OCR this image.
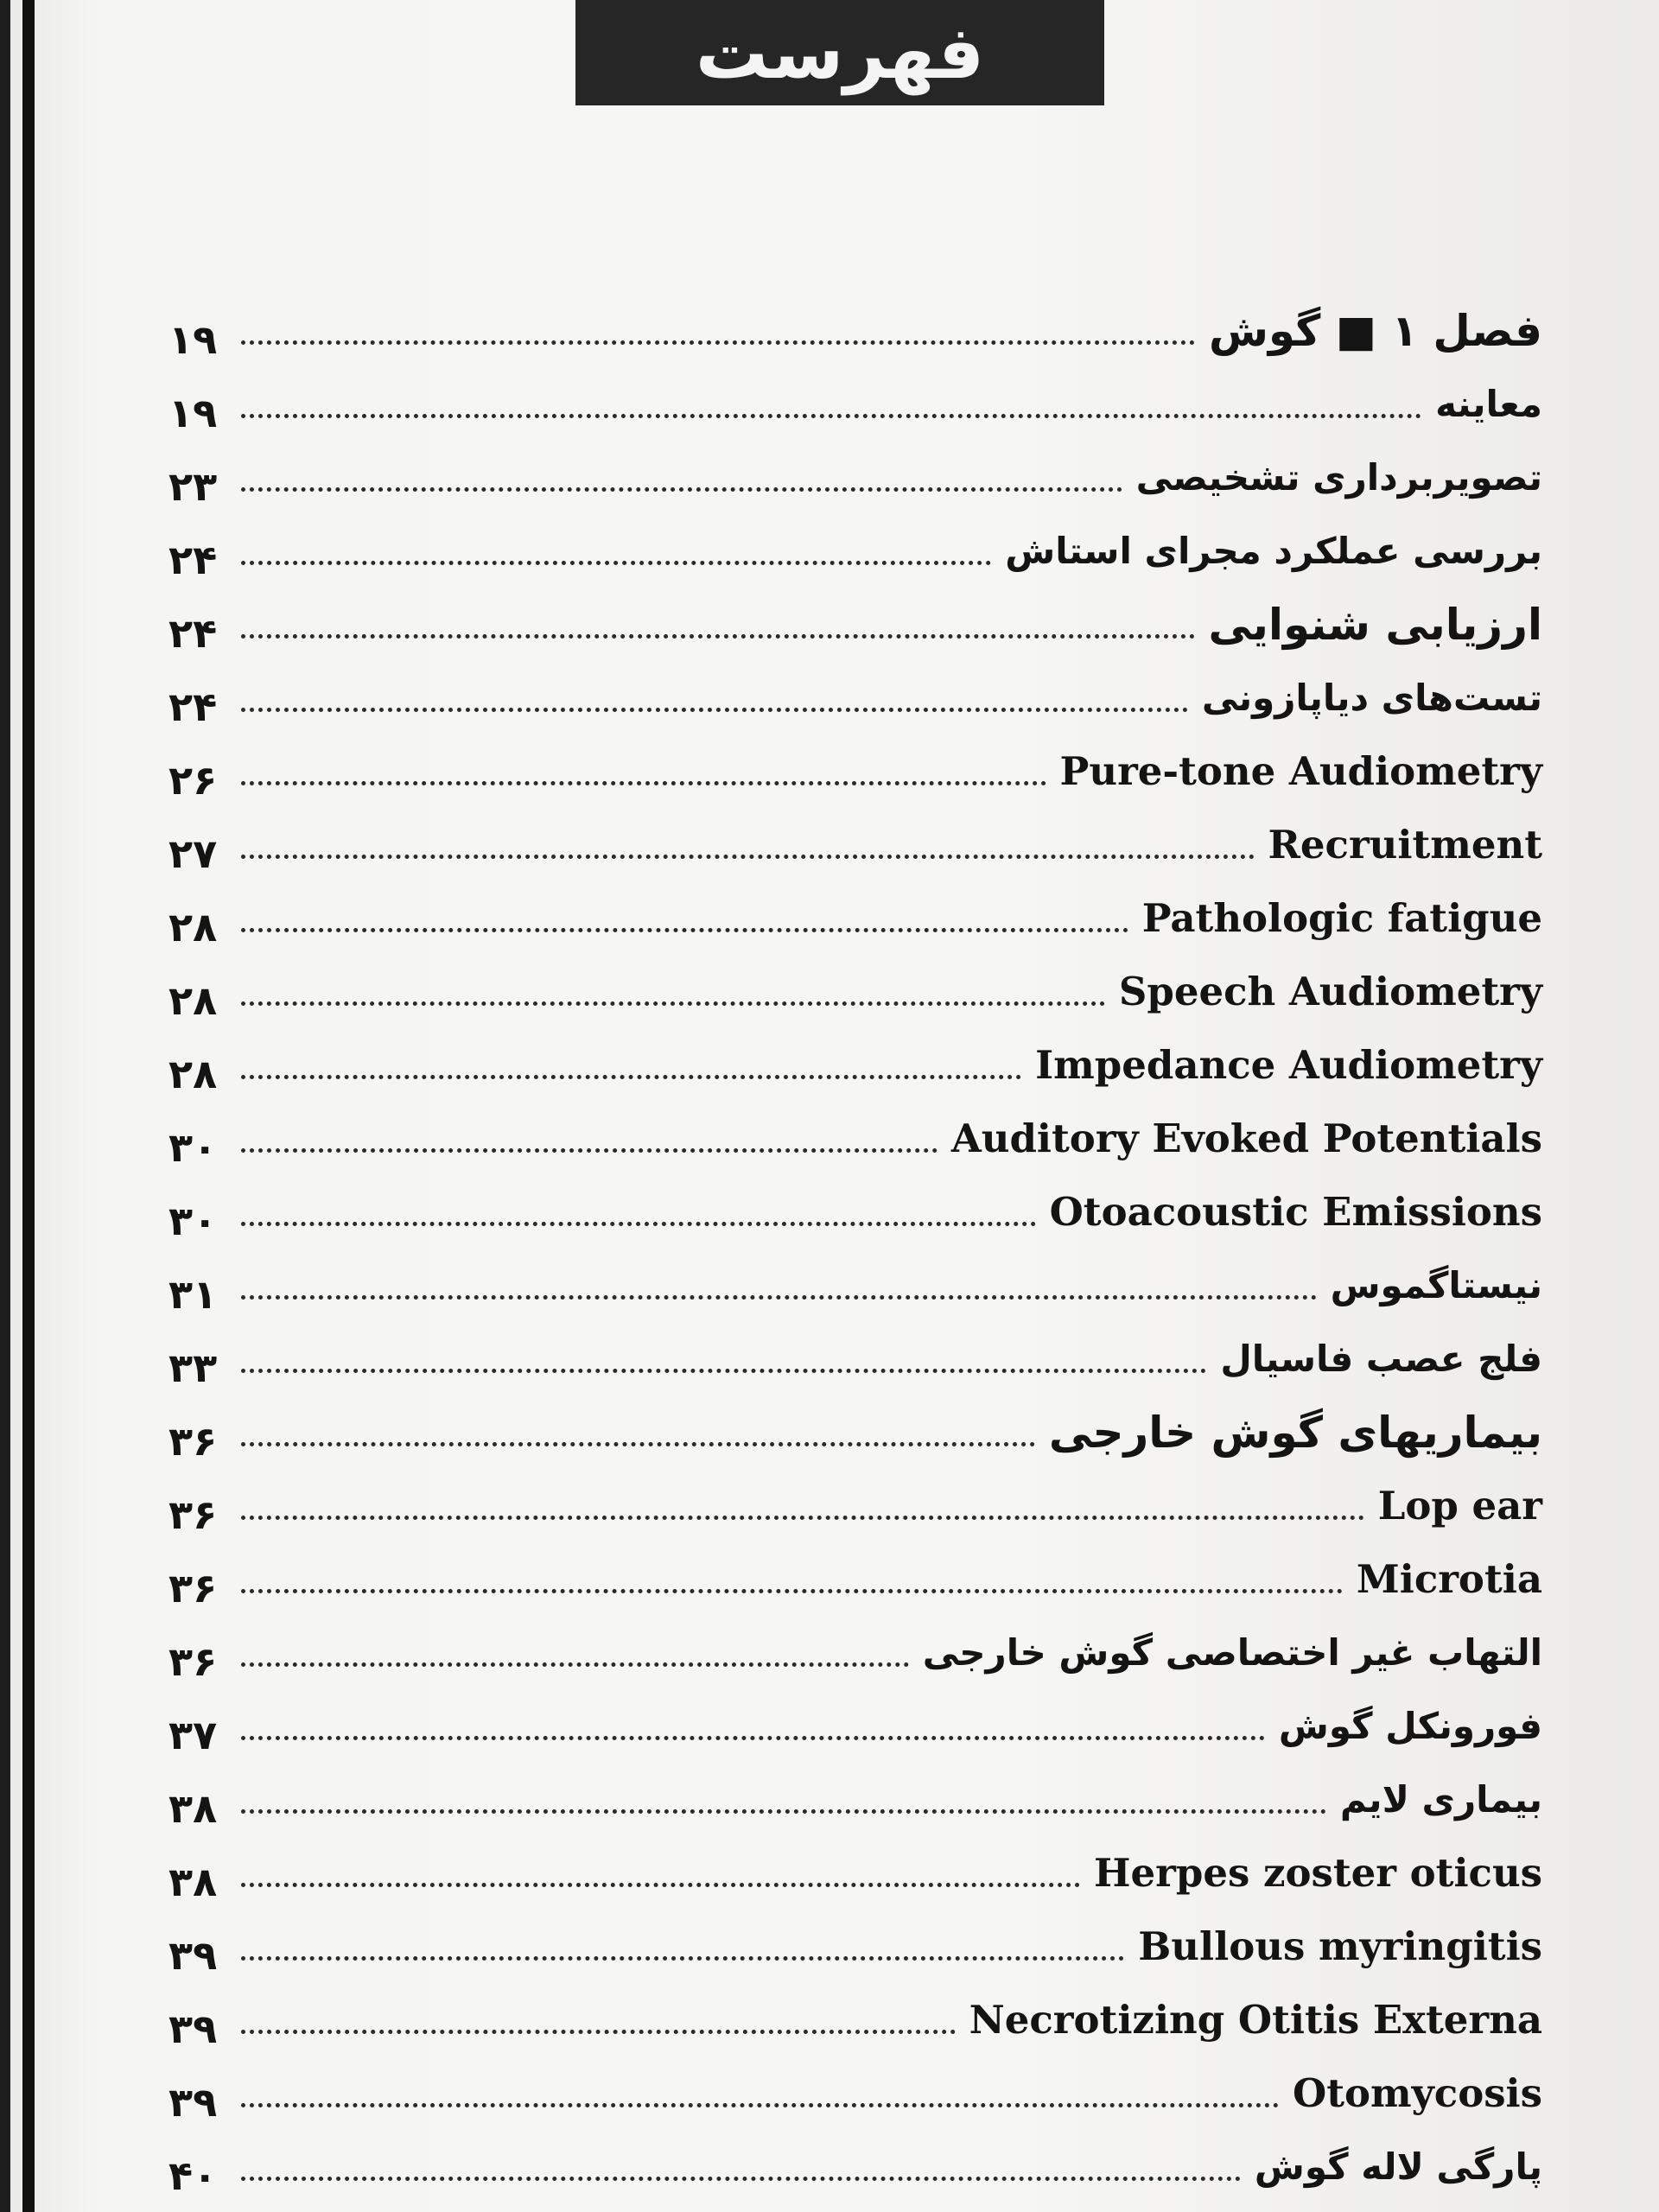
فهرست
فصل ۱ ■ گوش
۱۹
معاینه
۱۹
تصویربرداری تشخیصی
۲۳
بررسی عملکرد مجرای استاش
۲۴
ارزیابی شنوایی
۲۴
تست‌های دیاپازونی
۲۴
Pure-tone Audiometry
۲۶
Recruitment
۲۷
Pathologic fatigue
۲۸
Speech Audiometry
۲۸
Impedance Audiometry
۲۸
Auditory Evoked Potentials
۳۰
Otoacoustic Emissions
۳۰
نیستاگموس
۳۱
فلج عصب فاسیال
۳۳
بیماریهای گوش خارجی
۳۶
Lop ear
۳۶
Microtia
۳۶
التهاب غیر اختصاصی گوش خارجی
۳۶
فورونکل گوش
۳۷
بیماری لایم
۳۸
Herpes zoster oticus
۳۸
Bullous myringitis
۳۹
Necrotizing Otitis Externa
۳۹
Otomycosis
۳۹
پارگی لاله گوش
۴۰
